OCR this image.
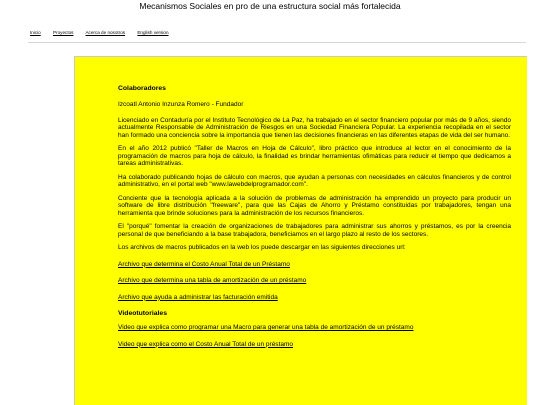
Mecanismos Sociales en pro de una estructura social más fortalecida
Inicio	Proyectos	Acerca de nosotros	English version
Colaboradores

Izcoatl Antonio Inzunza Romero - Fundador

Licenciado en Contaduría por el Instituto Tecnológico de La Paz, ha trabajado en el sector financiero popular por más de 9 años, siendo actualmente Responsable de Administración de Riesgos en una Sociedad Financiera Popular. La experiencia recopilada en el sector han formado una conciencia sobre la importancia que tienen las decisiones financieras en las diferentes etapas de vida del ser humano.

En el año 2012 publicó "Taller de Macros en Hoja de Cálculo", libro práctico que introduce al lector en el conocimiento de la programación de macros para hoja de cálculo, la finalidad es brindar herramientas ofimáticas para reducir el tiempo que dedicamos a tareas administrativas.

Ha colaborado publicando hojas de cálculo con macros, que ayudan a personas con necesidades en cálculos financieros y de control administrativo, en el portal web "www.lawebdelprogramador.com".

Conciente que la tecnología aplicada a la solución de problemas de administración ha emprendido un proyecto para producir un software de libre distribución "freeware", para que las Cajas de Ahorro y Préstamo constituidas por trabajadores, tengan una herramienta que brinde soluciones para la administración de los recursos financieros.

El "porqué" fomentar la creación de organizaciones de trabajadores para administrar sus ahorros y préstamos, es por la creencia personal de que beneficiando a la base trabajadora, beneficiamos en el largo plazo al resto de los sectores.

Los archivos de macros publicados en la web los puede descargar en las siguientes direcciones url:

Archivo que determina el Costo Anual Total de un Préstamo
Archivo que determina una tabla de amortización de un préstamo
Archivo que ayuda a administrar las facturación emitida
Videotutoriales
Video que explica como programar una Macro para generar una tabla de amortización de un préstamo
Video que explica como el Costo Anual Total de un préstamo
